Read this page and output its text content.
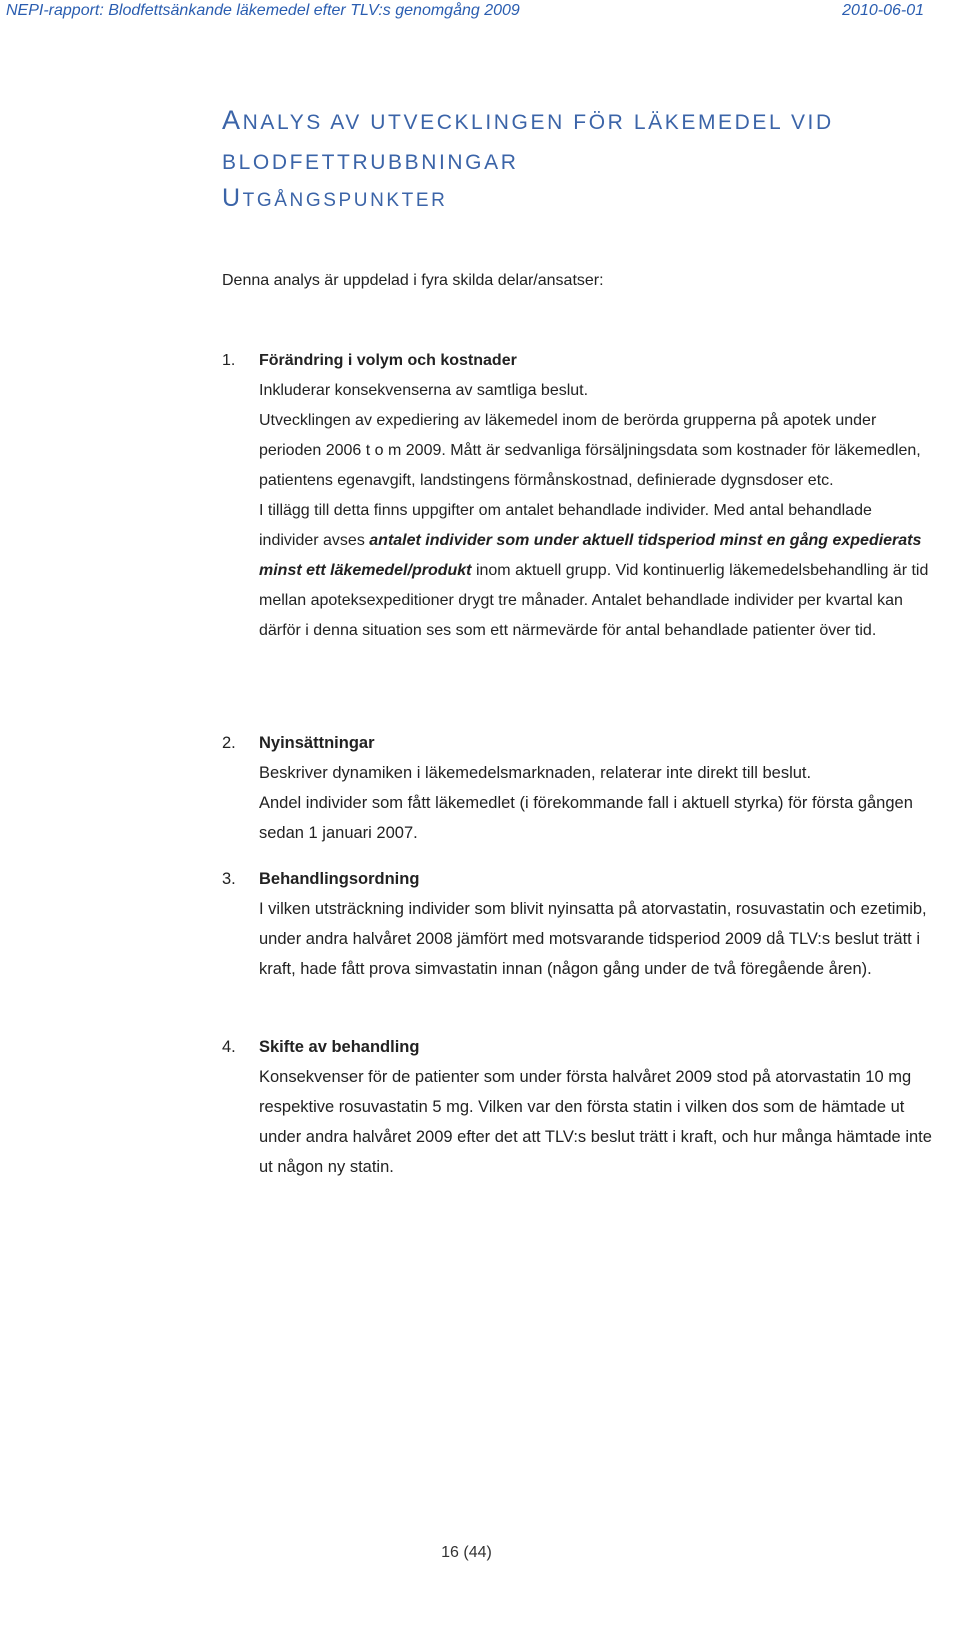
NEPI-rapport: Blodfettsänkande läkemedel efter TLV:s genomgång 2009	2010-06-01
ANALYS AV UTVECKLINGEN FÖR LÄKEMEDEL VID
BLODFETTRUBBNINGAR
UTGÅNGSPUNKTER
Denna analys är uppdelad i fyra skilda delar/ansatser:
1. Förändring i volym och kostnader
Inkluderar konsekvenserna av samtliga beslut.
Utvecklingen av expediering av läkemedel inom de berörda grupperna på apotek under perioden 2006 t o m 2009. Mått är sedvanliga försäljningsdata som kostnader för läkemedlen, patientens egenavgift, landstingens förmånskostnad, definierade dygnsdoser etc.
I tillägg till detta finns uppgifter om antalet behandlade individer. Med antal behandlade individer avses antalet individer som under aktuell tidsperiod minst en gång expedierats minst ett läkemedel/produkt inom aktuell grupp. Vid kontinuerlig läkemedelsbehandling är tid mellan apoteksexpeditioner drygt tre månader. Antalet behandlade individer per kvartal kan därför i denna situation ses som ett närmevärde för antal behandlade patienter över tid.
2. Nyinsättningar
Beskriver dynamiken i läkemedelsmarknaden, relaterar inte direkt till beslut.
Andel individer som fått läkemedlet (i förekommande fall i aktuell styrka) för första gången sedan 1 januari 2007.
3. Behandlingsordning
I vilken utsträckning individer som blivit nyinsatta på atorvastatin, rosuvastatin och ezetimib, under andra halvåret 2008 jämfört med motsvarande tidsperiod 2009 då TLV:s beslut trätt i kraft, hade fått prova simvastatin innan (någon gång under de två föregående åren).
4. Skifte av behandling
Konsekvenser för de patienter som under första halvåret 2009 stod på atorvastatin 10 mg respektive rosuvastatin 5 mg. Vilken var den första statin i vilken dos som de hämtade ut under andra halvåret 2009 efter det att TLV:s beslut trätt i kraft, och hur många hämtade inte ut någon ny statin.
16 (44)
